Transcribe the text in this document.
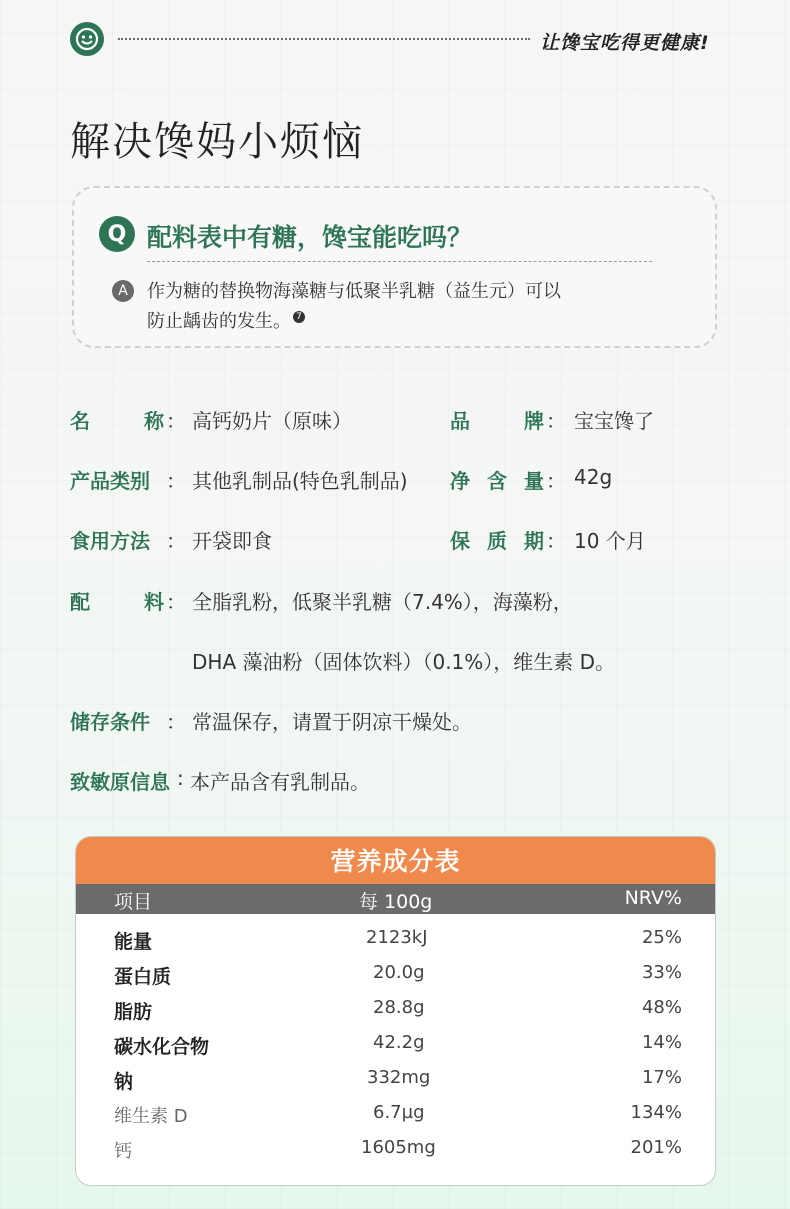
让馋宝吃得更健康!
解决馋妈小烦恼
Q 配料表中有糖，馋宝能吃吗？
A	作为糖的替换物海藻糖与低聚半乳糖（益生元）可以
防止龋齿的发生。 7
名	称 ： 高钙奶片（原味）	品	牌 ： 宝宝馋了
产品类别 ： 其他乳制品(特色乳制品) 净 含 量 ： 42g
食用方法 ： 开袋即食	保 质 期 ： 10 个月
配	料 ： 全脂乳粉，低聚半乳糖（7.4%），海藻粉，
DHA 藻油粉（固体饮料）（0.1%），维生素 D。
储存条件 ： 常温保存，请置于阴凉干燥处。
致敏原信息 : 本产品含有乳制品。
营养成分表
项目	每 100g	NRV%
能量	2123kJ	25%
蛋白质	20.0g	33%
脂肪	28.8g	48%
碳水化合物	42.2g	14%
钠	332mg	17%
维生素 D	6.7µg	134%
钙	1605mg	201%
